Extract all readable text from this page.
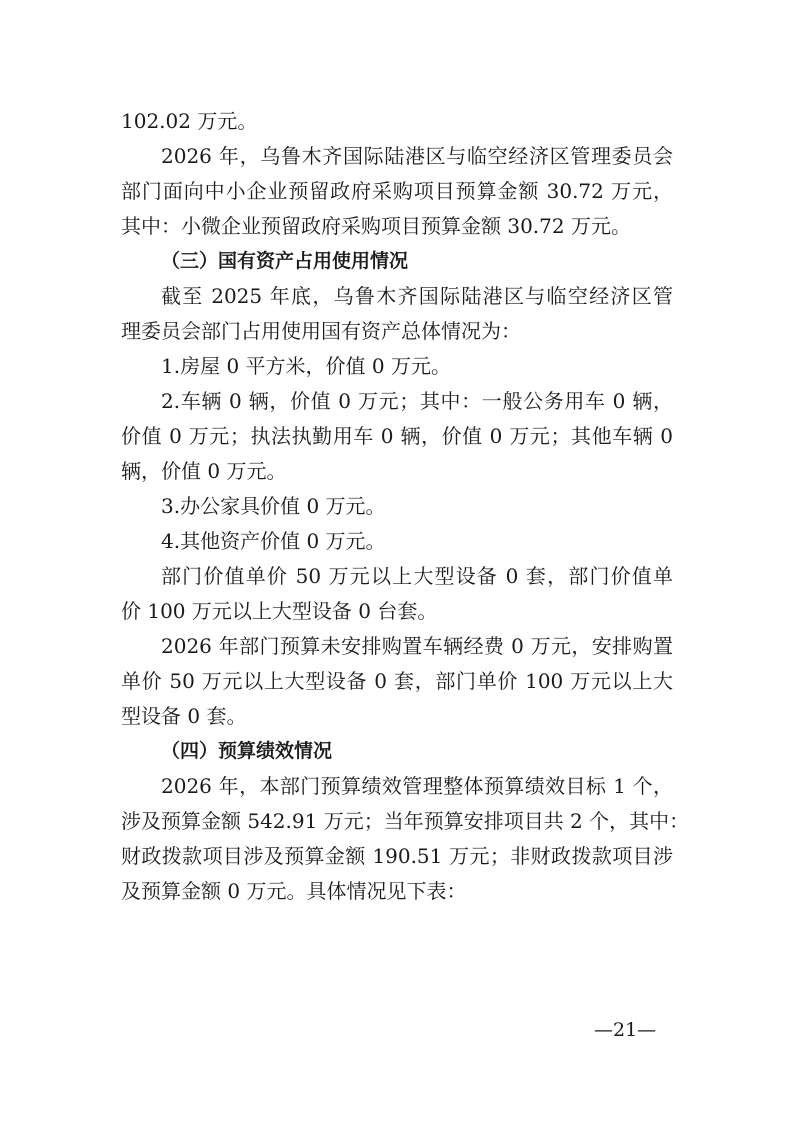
102.02 万元。
2026 年，乌鲁木齐国际陆港区与临空经济区管理委员会
部门面向中小企业预留政府采购项目预算金额 30.72 万元，
其中：小微企业预留政府采购项目预算金额 30.72 万元。
（三）国有资产占用使用情况
截至 2025 年底，乌鲁木齐国际陆港区与临空经济区管
理委员会部门占用使用国有资产总体情况为：
1.房屋 0 平方米，价值 0 万元。
2.车辆 0 辆，价值 0 万元；其中：一般公务用车 0 辆，
价值 0 万元；执法执勤用车 0 辆，价值 0 万元；其他车辆 0
辆，价值 0 万元。
3.办公家具价值 0 万元。
4.其他资产价值 0 万元。
部门价值单价 50 万元以上大型设备 0 套，部门价值单
价 100 万元以上大型设备 0 台套。
2026 年部门预算未安排购置车辆经费 0 万元，安排购置
单价 50 万元以上大型设备 0 套，部门单价 100 万元以上大
型设备 0 套。
（四）预算绩效情况
2026 年，本部门预算绩效管理整体预算绩效目标 1 个，
涉及预算金额 542.91 万元；当年预算安排项目共 2 个，其中：
财政拨款项目涉及预算金额 190.51 万元；非财政拨款项目涉
及预算金额 0 万元。具体情况见下表：
—21—
